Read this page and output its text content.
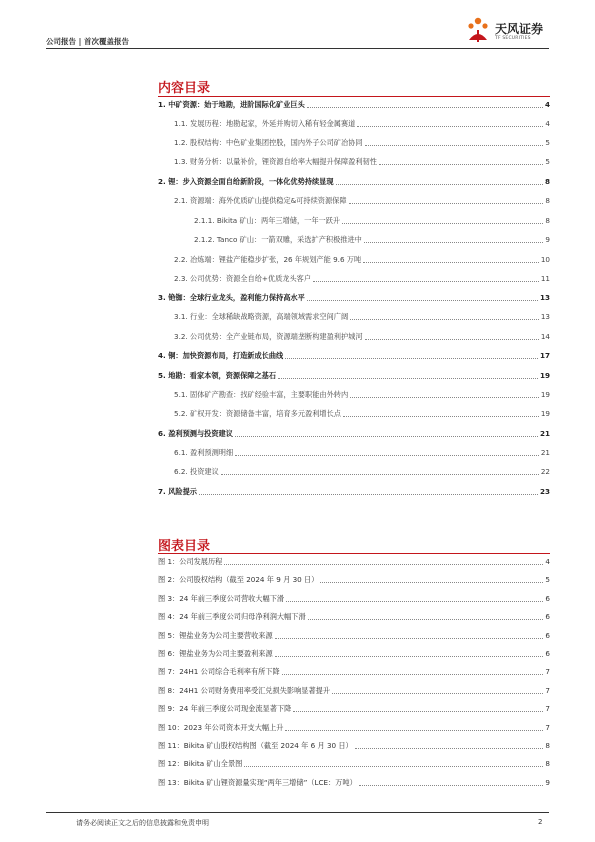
公司报告 | 首次覆盖报告
天风证券
TF SECURITIES
内容目录
1. 中矿资源：始于地勘，进阶国际化矿业巨头	4
1.1. 发展历程：地勘起家，外延并购切入稀有轻金属赛道	4
1.2. 股权结构：中色矿业集团控股，国内外子公司矿冶协同	5
1.3. 财务分析：以量补价，锂资源自给率大幅提升保障盈利韧性	5
2. 锂：步入资源全面自给新阶段，一体化优势持续显现	8
2.1. 资源端：海外优质矿山提供稳定&可持续资源保障	8
2.1.1. Bikita 矿山：两年三增储，一年一跃升	8
2.1.2. Tanco 矿山：一箭双雕，采选扩产积极推进中	9
2.2. 冶炼端：锂盐产能稳步扩张，26 年规划产能 9.6 万吨	10
2.3. 公司优势：资源全自给+优质龙头客户	11
3. 铯铷：全球行业龙头，盈利能力保持高水平	13
3.1. 行业：全球稀缺战略资源，高端领域需求空间广阔	13
3.2. 公司优势：全产业链布局，资源端垄断构建盈利护城河	14
4. 铜：加快资源布局，打造新成长曲线	17
5. 地勘：看家本领，资源保障之基石	19
5.1. 固体矿产勘查：找矿经验丰富，主要职能由外转内	19
5.2. 矿权开发：资源储备丰富，培育多元盈利增长点	19
6. 盈利预测与投资建议	21
6.1. 盈利预测明细	21
6.2. 投资建议	22
7. 风险提示	23
图表目录
图 1：公司发展历程	4
图 2：公司股权结构（截至 2024 年 9 月 30 日）	5
图 3：24 年前三季度公司营收大幅下滑	6
图 4：24 年前三季度公司归母净利润大幅下滑	6
图 5：锂盐业务为公司主要营收来源	6
图 6：锂盐业务为公司主要盈利来源	6
图 7：24H1 公司综合毛利率有所下降	7
图 8：24H1 公司财务费用率受汇兑损失影响显著提升	7
图 9：24 年前三季度公司现金流显著下降	7
图 10：2023 年公司资本开支大幅上升	7
图 11：Bikita 矿山股权结构图（截至 2024 年 6 月 30 日）	8
图 12：Bikita 矿山全景图	8
图 13：Bikita 矿山锂资源量实现“两年三增储”（LCE：万吨）	9
请务必阅读正文之后的信息披露和免责申明	2
